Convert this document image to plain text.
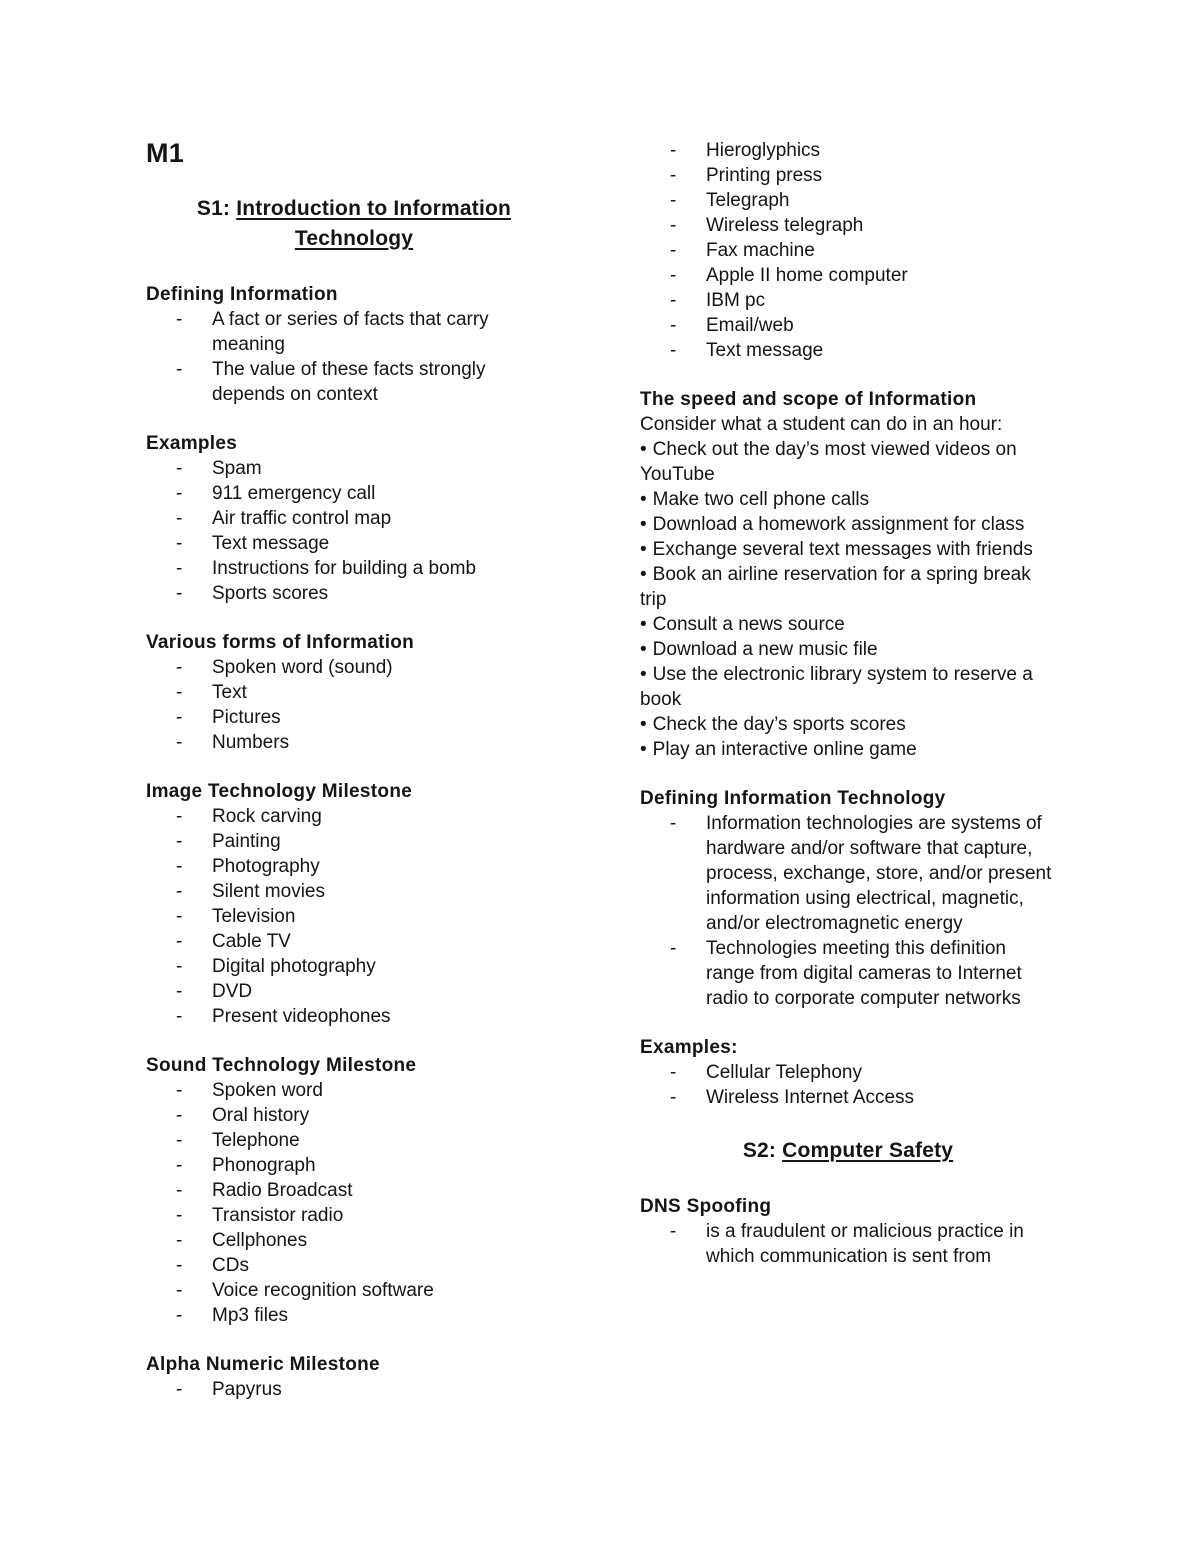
M1
S1: Introduction to Information Technology
Defining Information
- A fact or series of facts that carry meaning
- The value of these facts strongly depends on context
Examples
- Spam
- 911 emergency call
- Air traffic control map
- Text message
- Instructions for building a bomb
- Sports scores
Various forms of Information
- Spoken word (sound)
- Text
- Pictures
- Numbers
Image Technology Milestone
- Rock carving
- Painting
- Photography
- Silent movies
- Television
- Cable TV
- Digital photography
- DVD
- Present videophones
Sound Technology Milestone
- Spoken word
- Oral history
- Telephone
- Phonograph
- Radio Broadcast
- Transistor radio
- Cellphones
- CDs
- Voice recognition software
- Mp3 files
Alpha Numeric Milestone
- Papyrus
- Hieroglyphics
- Printing press
- Telegraph
- Wireless telegraph
- Fax machine
- Apple II home computer
- IBM pc
- Email/web
- Text message
The speed and scope of Information

Consider what a student can do in an hour:

• Check out the day’s most viewed videos on YouTube
• Make two cell phone calls
• Download a homework assignment for class
• Exchange several text messages with friends
• Book an airline reservation for a spring break trip
• Consult a news source
• Download a new music file
• Use the electronic library system to reserve a book
• Check the day’s sports scores
• Play an interactive online game
Defining Information Technology
- Information technologies are systems of hardware and/or software that capture, process, exchange, store, and/or present information using electrical, magnetic, and/or electromagnetic energy
- Technologies meeting this definition range from digital cameras to Internet radio to corporate computer networks
Examples:
- Cellular Telephony
- Wireless Internet Access
S2: Computer Safety
DNS Spoofing
- is a fraudulent or malicious practice in which communication is sent from
